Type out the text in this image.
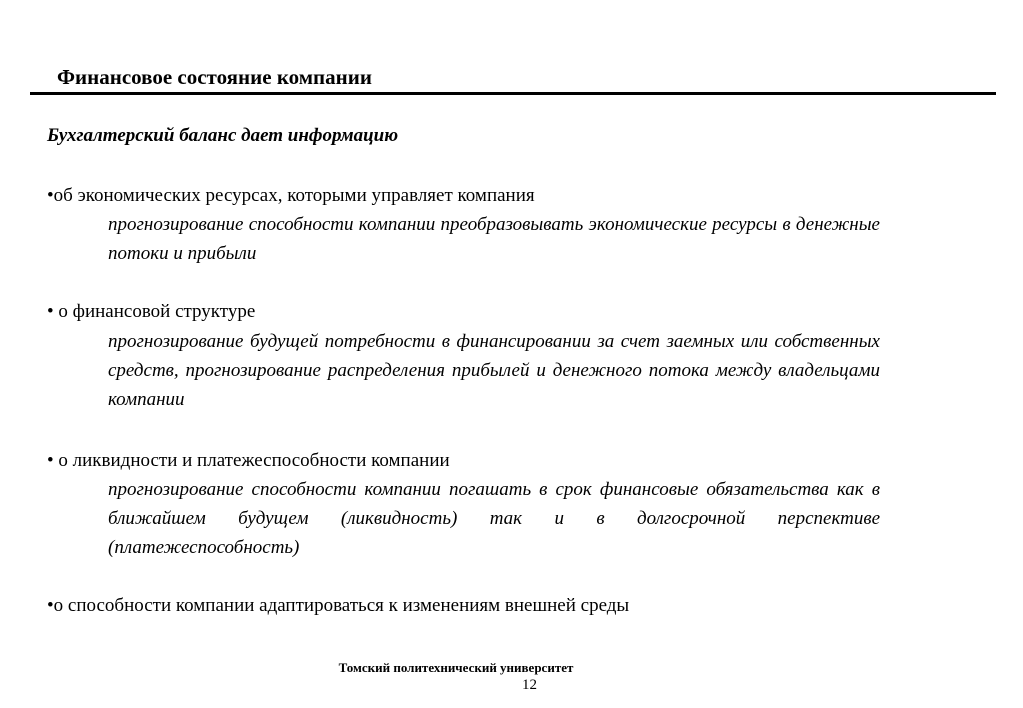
Финансовое состояние компании
Бухгалтерский баланс дает информацию
•об экономических ресурсах, которыми управляет компания
прогнозирование способности компании преобразовывать экономические ресурсы в денежные потоки и прибыли
• о финансовой структуре
прогнозирование будущей потребности в финансировании за счет заемных или собственных средств, прогнозирование распределения прибылей и денежного потока между владельцами компании
• о ликвидности и платежеспособности компании
прогнозирование способности компании погашать в срок финансовые обязательства как в ближайшем будущем (ликвидность) так и в долгосрочной перспективе (платежеспособность)
•о способности компании адаптироваться к изменениям внешней среды
Томский политехнический университет
12
